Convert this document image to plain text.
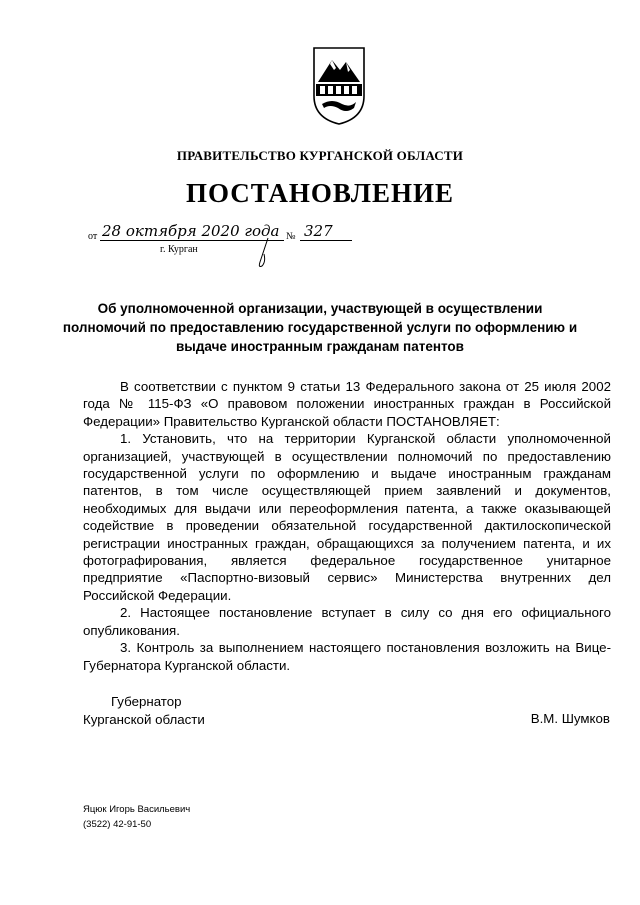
ПРАВИТЕЛЬСТВО КУРГАНСКОЙ ОБЛАСТИ
ПОСТАНОВЛЕНИЕ
от 28 октября 2020 года № 327
г. Курган
Об уполномоченной организации, участвующей в осуществлении полномочий по предоставлению государственной услуги по оформлению и выдаче иностранным гражданам патентов

В соответствии с пунктом 9 статьи 13 Федерального закона от 25 июля 2002 года № 115-ФЗ «О правовом положении иностранных граждан в Российской Федерации» Правительство Курганской области ПОСТАНОВЛЯЕТ:

1. Установить, что на территории Курганской области уполномоченной организацией, участвующей в осуществлении полномочий по предоставлению государственной услуги по оформлению и выдаче иностранным гражданам патентов, в том числе осуществляющей прием заявлений и документов, необходимых для выдачи или переоформления патента, а также оказывающей содействие в проведении обязательной государственной дактилоскопической регистрации иностранных граждан, обращающихся за получением патента, и их фотографирования, является федеральное государственное унитарное предприятие «Паспортно-визовый сервис» Министерства внутренних дел Российской Федерации.

2. Настоящее постановление вступает в силу со дня его официального опубликования.

3. Контроль за выполнением настоящего постановления возложить на Вице-Губернатора Курганской области.

Губернатор
Курганской области	В.М. Шумков
Яцюк Игорь Васильевич
(3522) 42-91-50
